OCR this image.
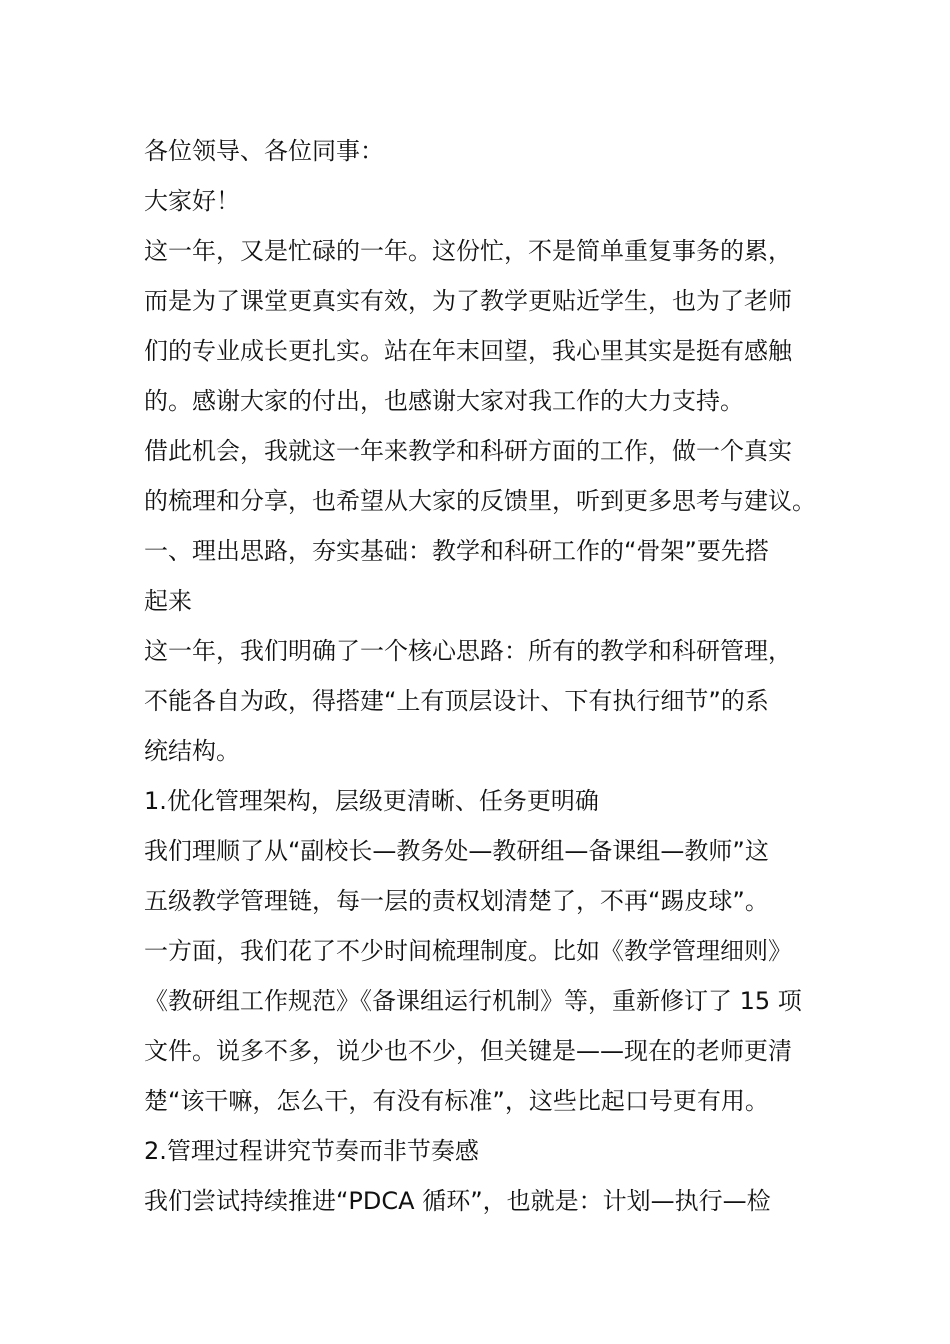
各位领导、各位同事：

大家好！

这一年，又是忙碌的一年。这份忙，不是简单重复事务的累，

而是为了课堂更真实有效，为了教学更贴近学生，也为了老师

们的专业成长更扎实。站在年末回望，我心里其实是挺有感触

的。感谢大家的付出，也感谢大家对我工作的大力支持。

借此机会，我就这一年来教学和科研方面的工作，做一个真实

的梳理和分享，也希望从大家的反馈里，听到更多思考与建议。

一、理出思路，夯实基础：教学和科研工作的“骨架”要先搭

起来

这一年，我们明确了一个核心思路：所有的教学和科研管理，

不能各自为政，得搭建“上有顶层设计、下有执行细节”的系

统结构。

1.优化管理架构，层级更清晰、任务更明确

我们理顺了从“副校长—教务处—教研组—备课组—教师”这

五级教学管理链，每一层的责权划清楚了，不再“踢皮球”。

一方面，我们花了不少时间梳理制度。比如《教学管理细则》

《教研组工作规范》《备课组运行机制》等，重新修订了 15 项

文件。说多不多，说少也不少，但关键是——现在的老师更清

楚“该干嘛，怎么干，有没有标准”，这些比起口号更有用。

2.管理过程讲究节奏而非节奏感

我们尝试持续推进“PDCA 循环”，也就是：计划—执行—检
